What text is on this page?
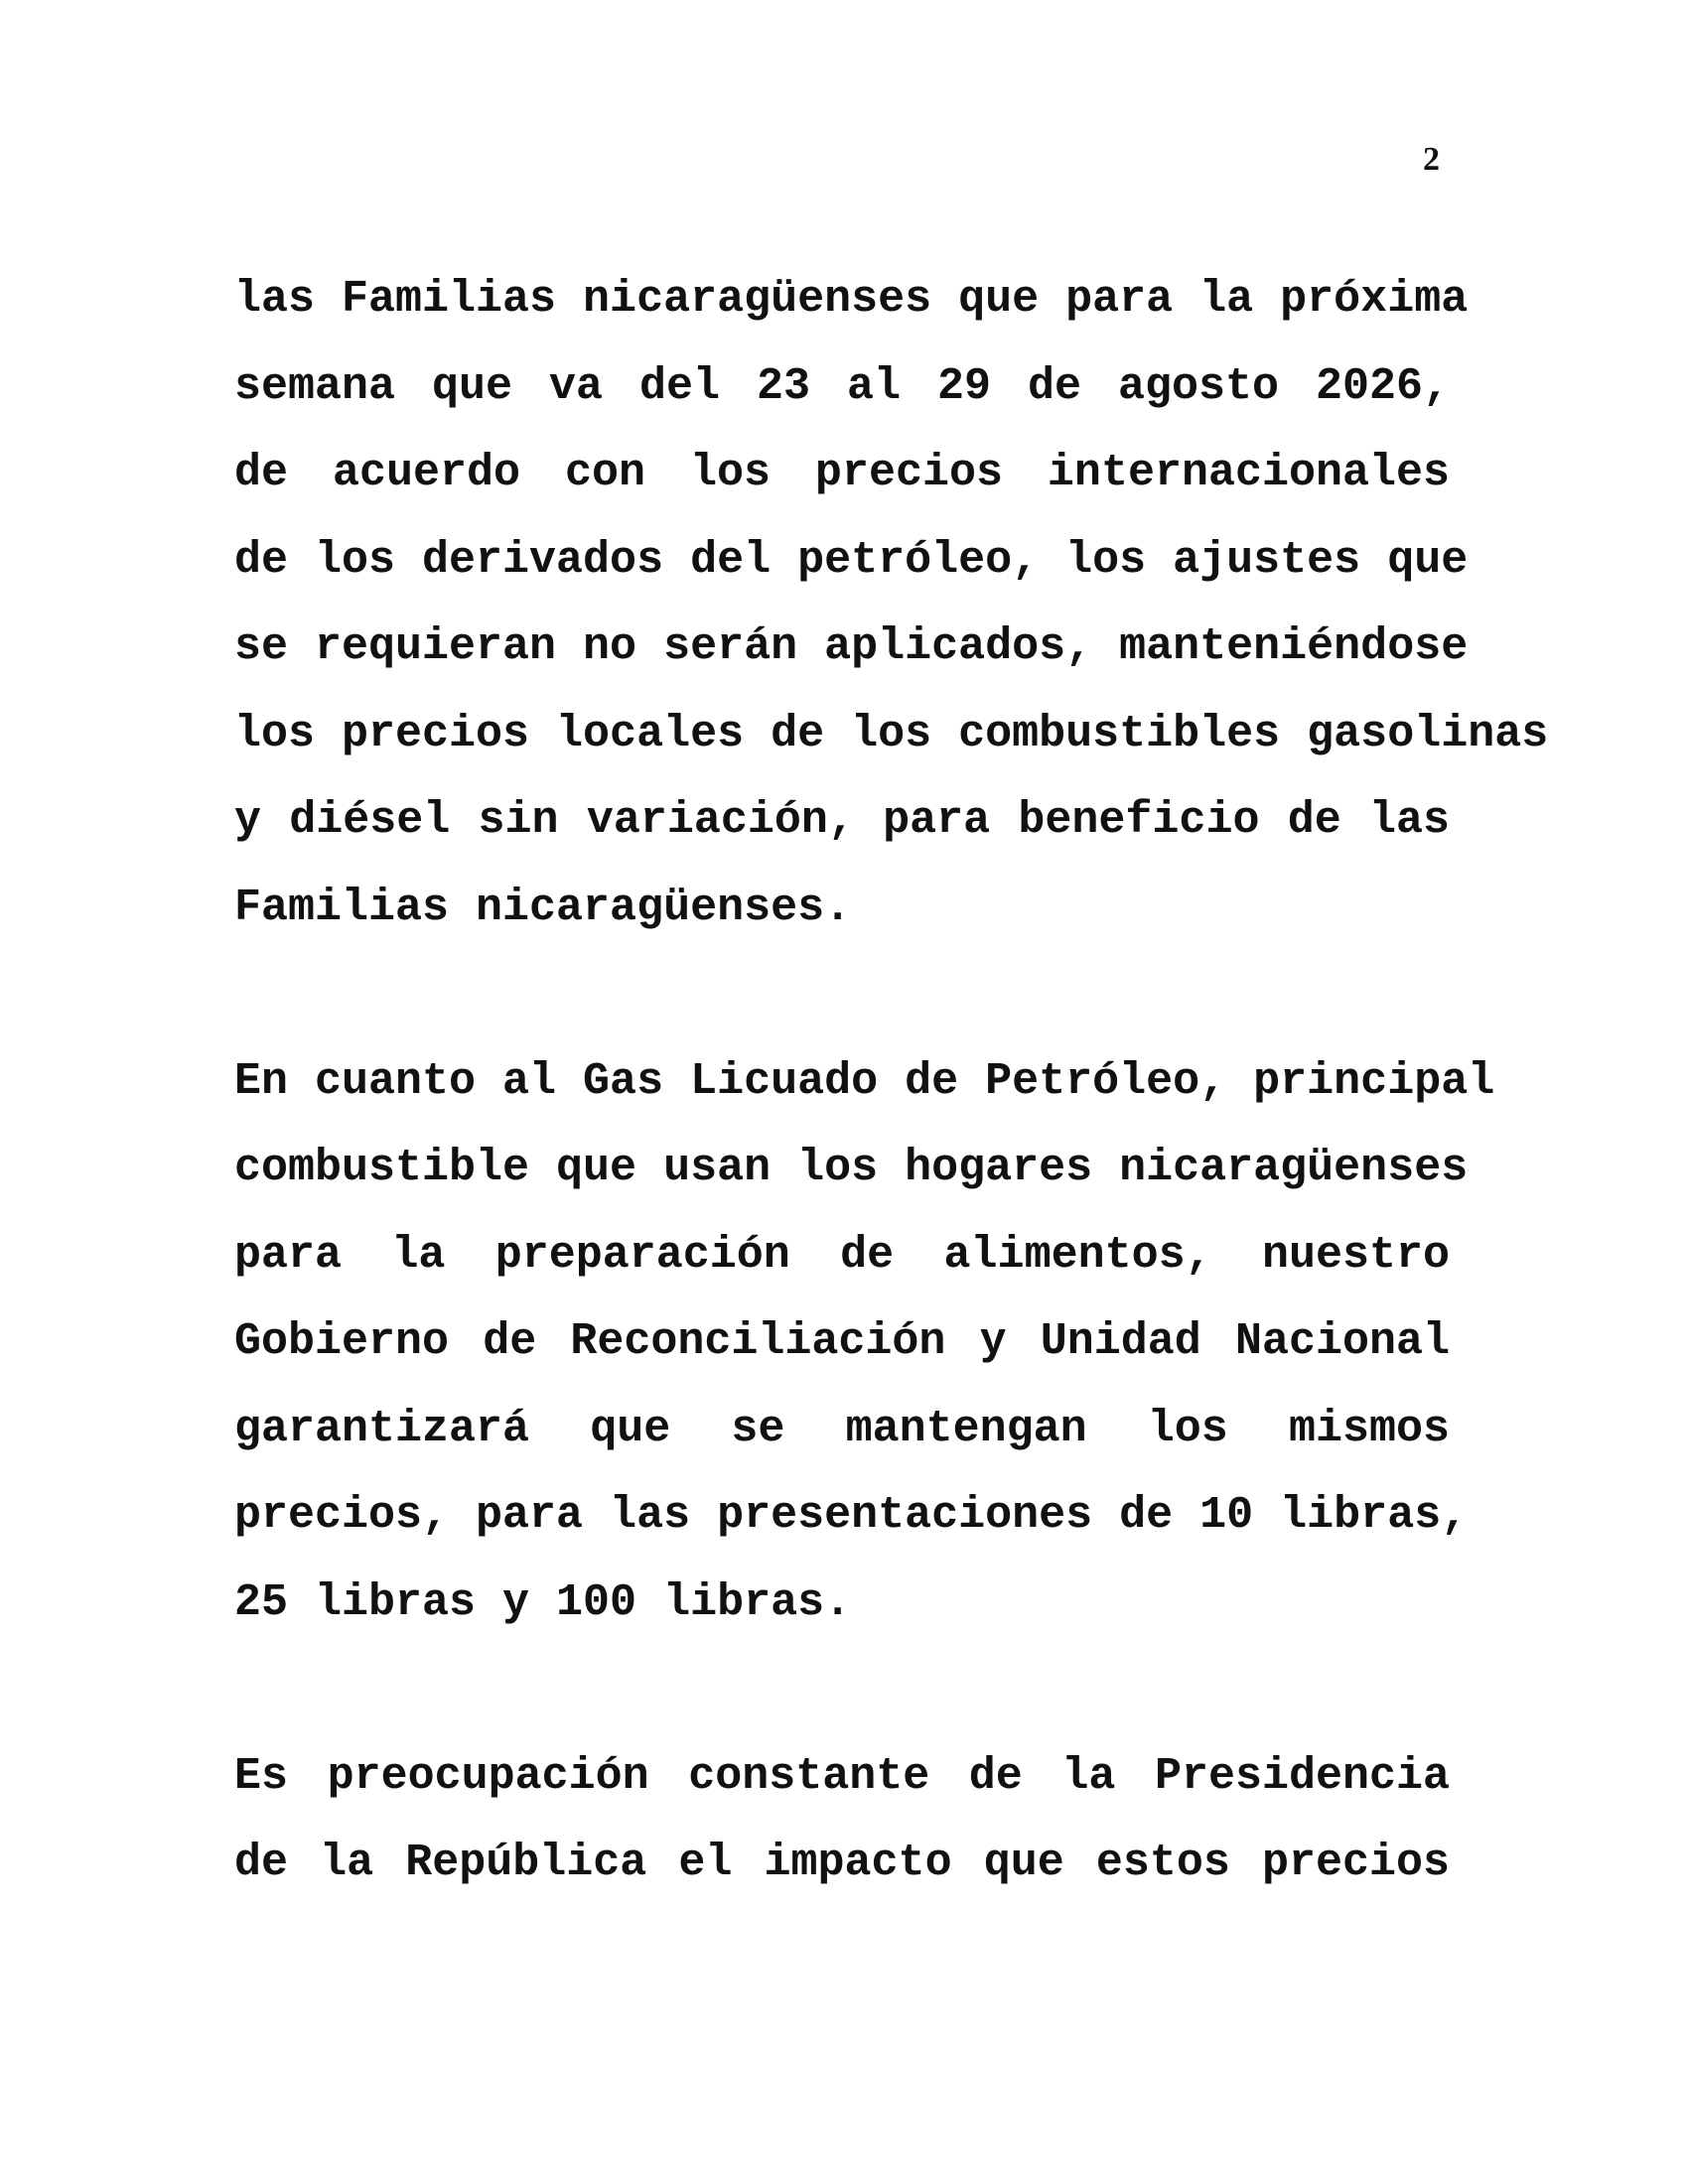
2
las Familias nicaragüenses que para la próxima
semana que va del 23 al 29 de agosto 2026,
de acuerdo con los precios internacionales
de los derivados del petróleo, los ajustes que
se requieran no serán aplicados, manteniéndose
los precios locales de los combustibles gasolinas
y diésel sin variación, para beneficio de las
Familias nicaragüenses.
En cuanto al Gas Licuado de Petróleo, principal
combustible que usan los hogares nicaragüenses
para la preparación de alimentos, nuestro
Gobierno de Reconciliación y Unidad Nacional
garantizará que se mantengan los mismos
precios, para las presentaciones de 10 libras,
25 libras y 100 libras.
Es preocupación constante de la Presidencia
de la República el impacto que estos precios
